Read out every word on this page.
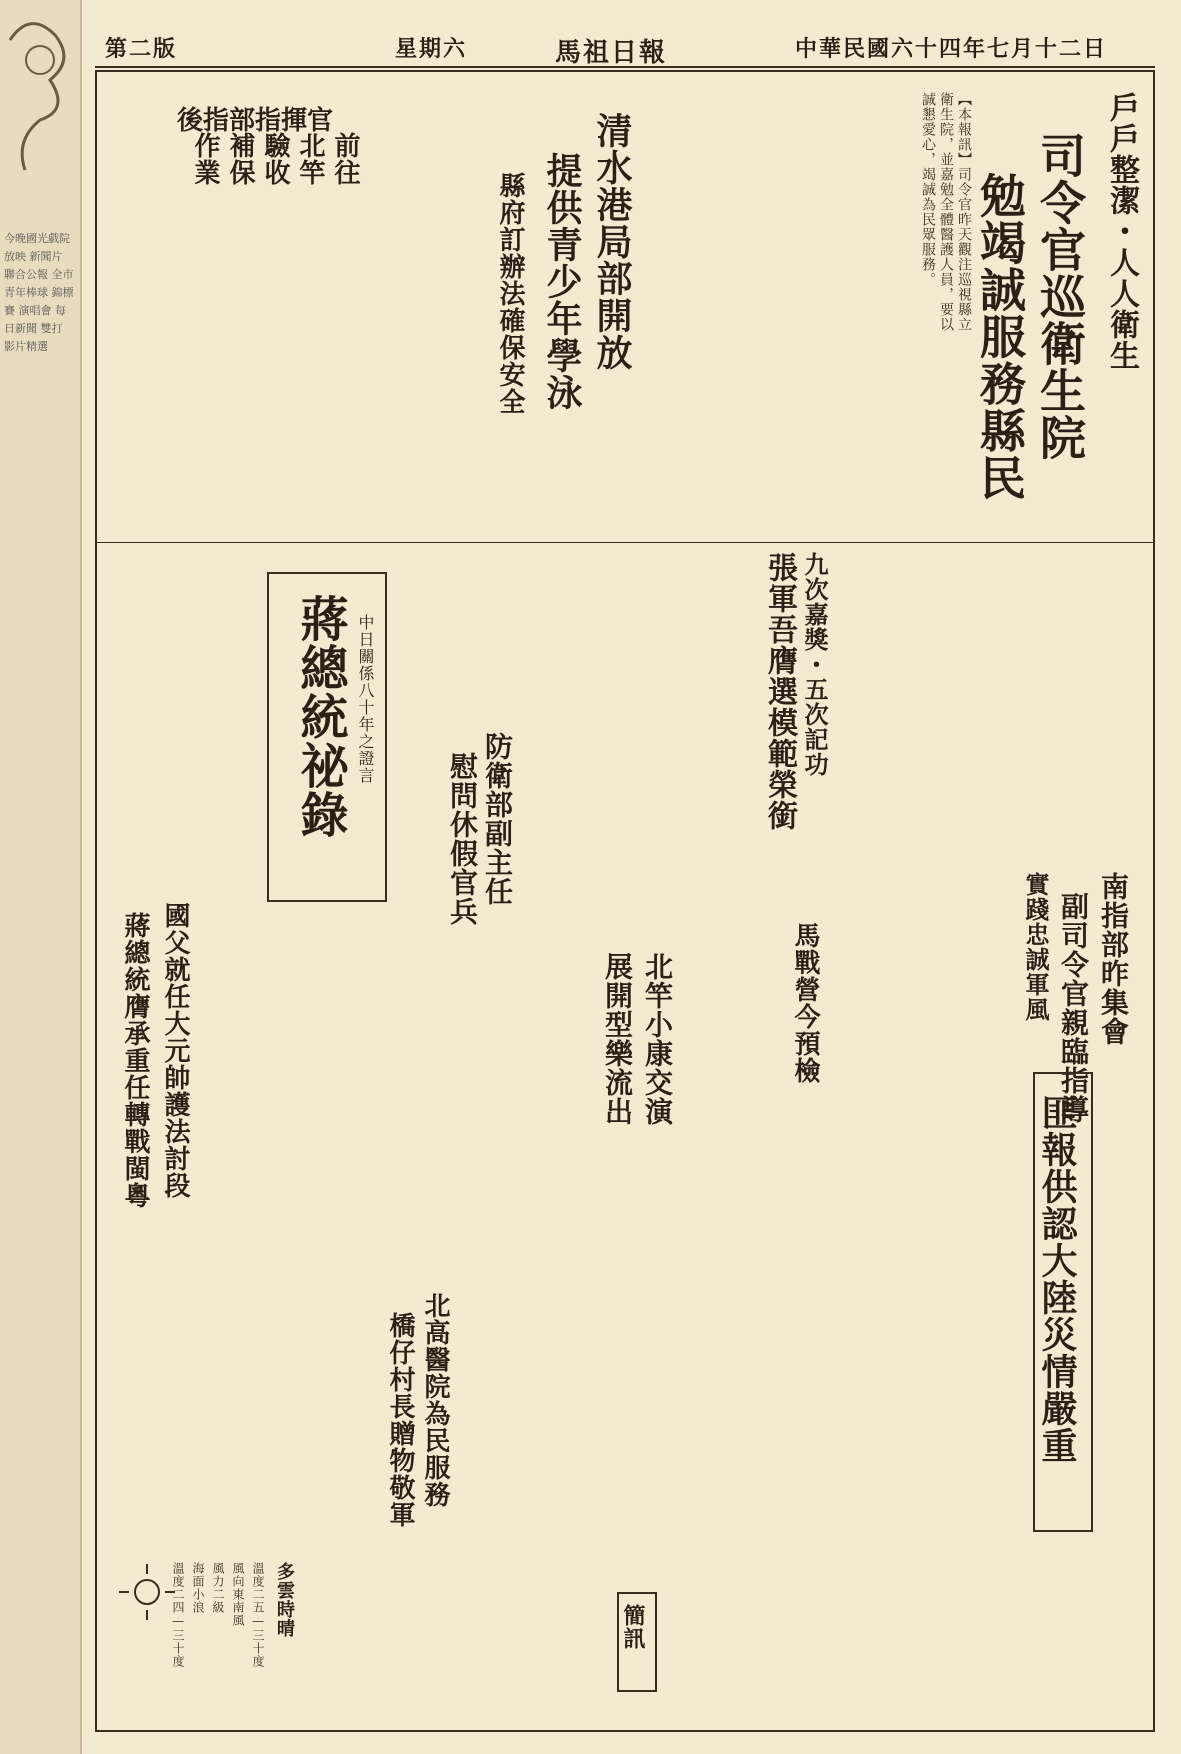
今晚國光戲院放映 新聞片 聯合公報 全市青年棒球 錦標賽 演唱會 每日新聞 雙打 影片精選
第二版	星期六	馬祖日報	中華民國六十四年七月十二日
戶戶整潔・人人衛生
司令官巡衛生院
勉竭誠服務縣民
【本報訊】司令官昨天觀注巡視縣立衛生院，並嘉勉全體醫護人員，要以誠懇愛心，竭誠為民眾服務。
清水港局部開放
提供青少年學泳
縣府訂辦法確保安全
後指部指揮官
前往
北竿
驗收
補保
作業
張軍吾膺選模範榮銜 九次嘉獎・五次記功
蔣總統祕錄 中日關係八十年之證言
防衛部副主任
慰問休假官兵
南指部昨集會
副司令官親臨指導
實踐忠誠軍風
馬戰營今預檢
國父就任大元帥護法討段
蔣總統膺承重任轉戰閩粵	北竿小康交演
展開型樂流出
匪報供認大陸災情嚴重
北高醫院為民服務
橋仔村長贈物敬軍
簡訊
多雲時晴
溫度二五—三十度
風向東南風
風力二級
海面小浪
溫度二四—三十度
